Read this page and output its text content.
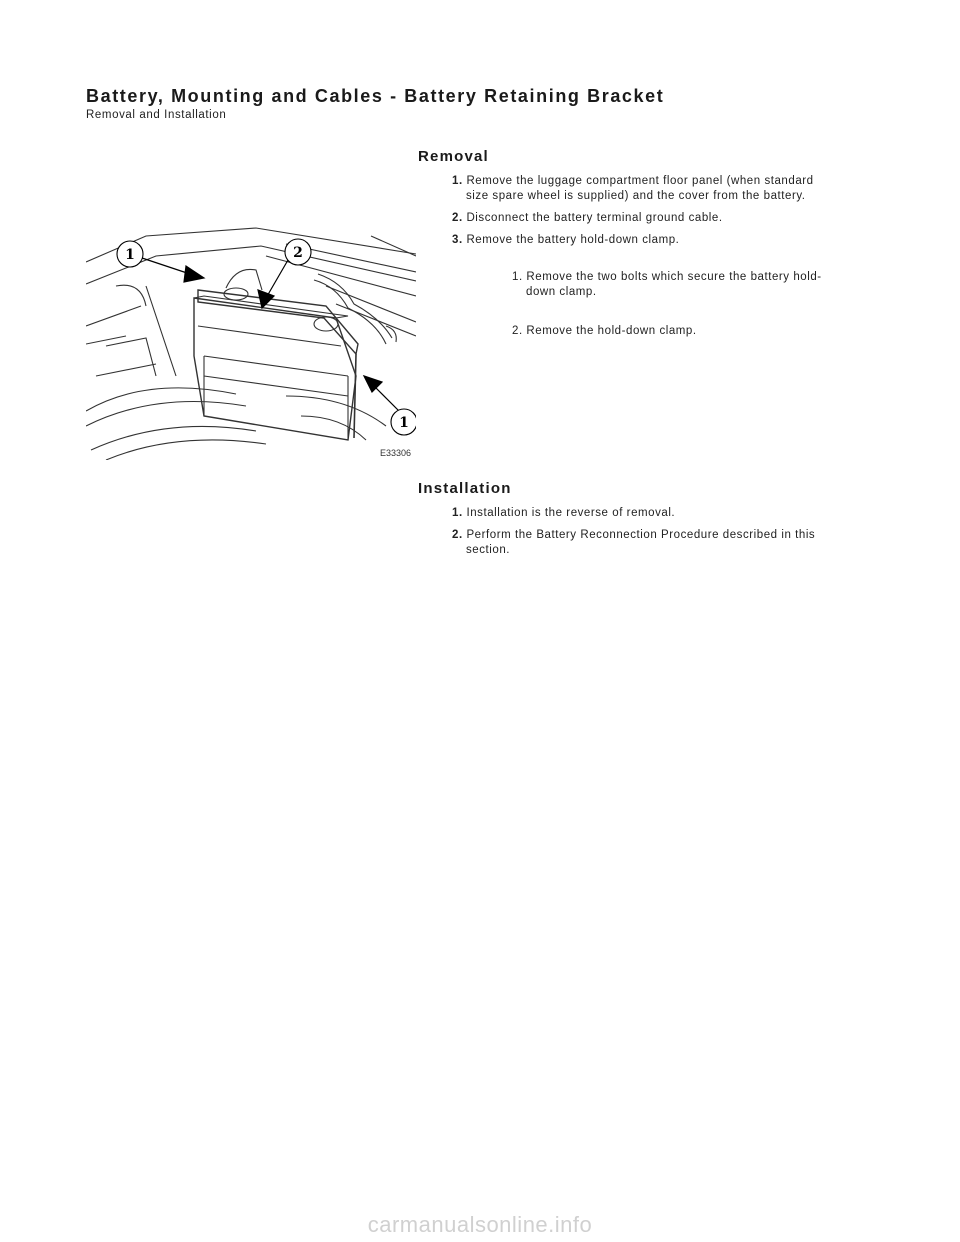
Battery, Mounting and Cables - Battery Retaining Bracket
Removal and Installation
Removal
1. Remove the luggage compartment floor panel (when standard
size spare wheel is supplied) and the cover from the battery.
2. Disconnect the battery terminal ground cable.
3. Remove the battery hold-down clamp.
1. Remove the two bolts which secure the battery hold-
down clamp.
2. Remove the hold-down clamp.
1	2
1
E33306
Installation
1. Installation is the reverse of removal.
2. Perform the Battery Reconnection Procedure described in this
section.
carmanualsonline.info
